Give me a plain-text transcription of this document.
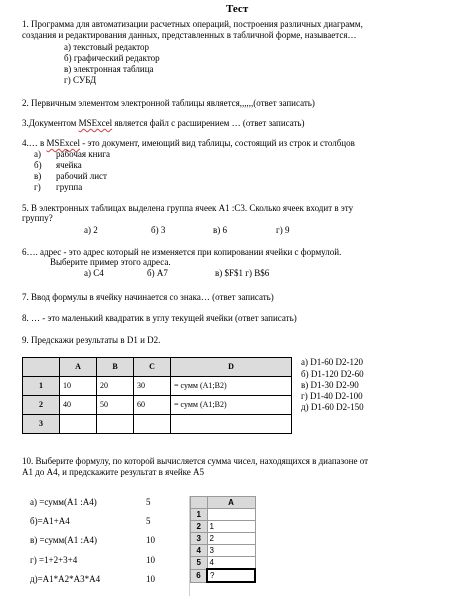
Тест
1. Программа для автоматизации расчетных операций, построения различных диаграмм,
создания и редактирования данных, представленных в табличной форме, называется…
а) текстовый редактор
б) графический редактор
в) электронная таблица
г) СУБД
2. Первичным элементом электронной таблицы является,,,,,,(ответ записать)
3.Документом MSExcel является файл с расширением … (ответ записать)
4.… в MSExcel - это документ, имеющий вид таблицы, состоящий из строк и столбцов
а) рабочая книга
б) ячейка
в) рабочий лист
г) группа
5. В электронных таблицах выделена группа ячеек А1 :С3. Сколько ячеек входит в эту
группу?
а) 2	б) 3	в) 6	г) 9
6…. адрес - это адрес который не изменяется при копировании ячейки с формулой.
Выберите пример этого адреса.
а) С4	б) А7	в) $F$1 г) В$6
7. Ввод формулы в ячейку начинается со знака… (ответ записать)
8. … - это маленький квадратик в углу текущей ячейки (ответ записать)
9. Предскажи результаты в D1 и D2.
	A	B	C	D
1	10	20	30	= сумм (А1;В2)
2	40	50	60	= сумм (А1;В2)
3				
а) D1-60 D2-120
б) D1-120 D2-60
в) D1-30 D2-90
г) D1-40 D2-100
д) D1-60 D2-150
10. Выберите формулу, по которой вычисляется сумма чисел, находящихся в диапазоне от
А1 до А4, и предскажите результат в ячейке А5
а) =сумм(А1 :А4)	5
б)=А1+А4	5
в) =сумм(А1 :А4)	10
г) =1+2+3+4	10
д)=А1*А2*А3*А4	10
	A
1	
2	1
3	2
4	3
5	4
6	?
